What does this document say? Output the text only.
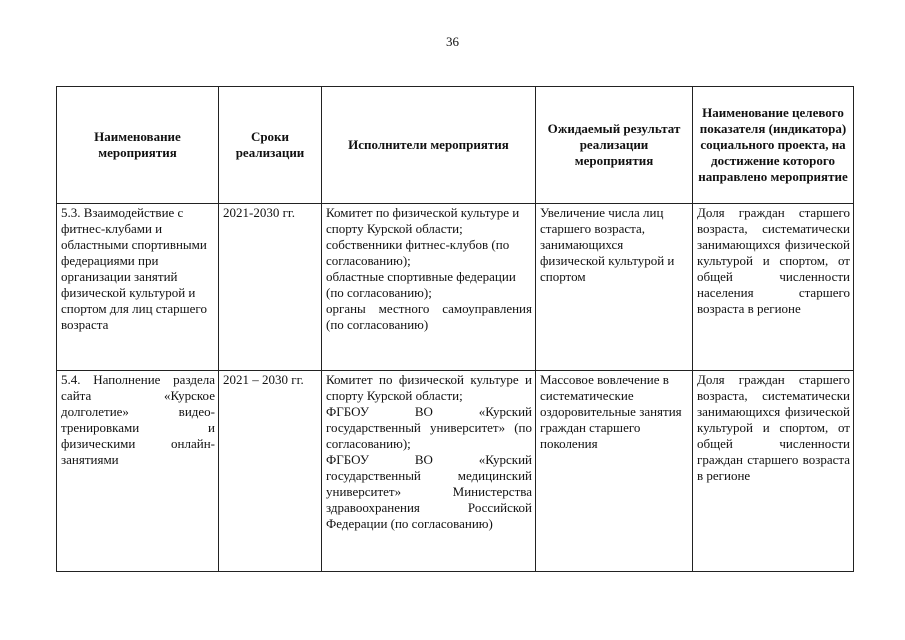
36
Наименование мероприятия	Сроки реализации	Исполнители мероприятия	Ожидаемый результат реализации мероприятия	Наименование целевого показателя (индикатора) социального проекта, на достижение которого направлено мероприятие
5.3. Взаимодействие с фитнес-клубами и областными спортивными федерациями при организации занятий физической культурой и спортом для лиц старшего возраста	2021-2030 гг.	Комитет по физической культуре и спорту Курской области;
собственники фитнес-клубов (по согласованию);
областные спортивные федерации (по согласованию);
органы местного самоуправления (по согласованию)	Увеличение числа лиц старшего возраста, занимающихся физической культурой и спортом	Доля граждан старшего возраста, систематически занимающихся физической культурой и спортом, от общей численности населения старшего возраста в регионе
5.4. Наполнение раздела сайта «Курское долголетие» видео- тренировками и физическими онлайн-занятиями	2021 – 2030 гг.	Комитет по физической культуре и спорту Курской области;
ФГБОУ ВО «Курский государственный университет» (по согласованию);
ФГБОУ ВО «Курский государственный медицинский университет» Министерства здравоохранения Российской Федерации (по согласованию)	Массовое вовлечение в систематические оздоровительные занятия граждан старшего поколения	Доля граждан старшего возраста, систематически занимающихся физической культурой и спортом, от общей численности граждан старшего возраста в регионе
